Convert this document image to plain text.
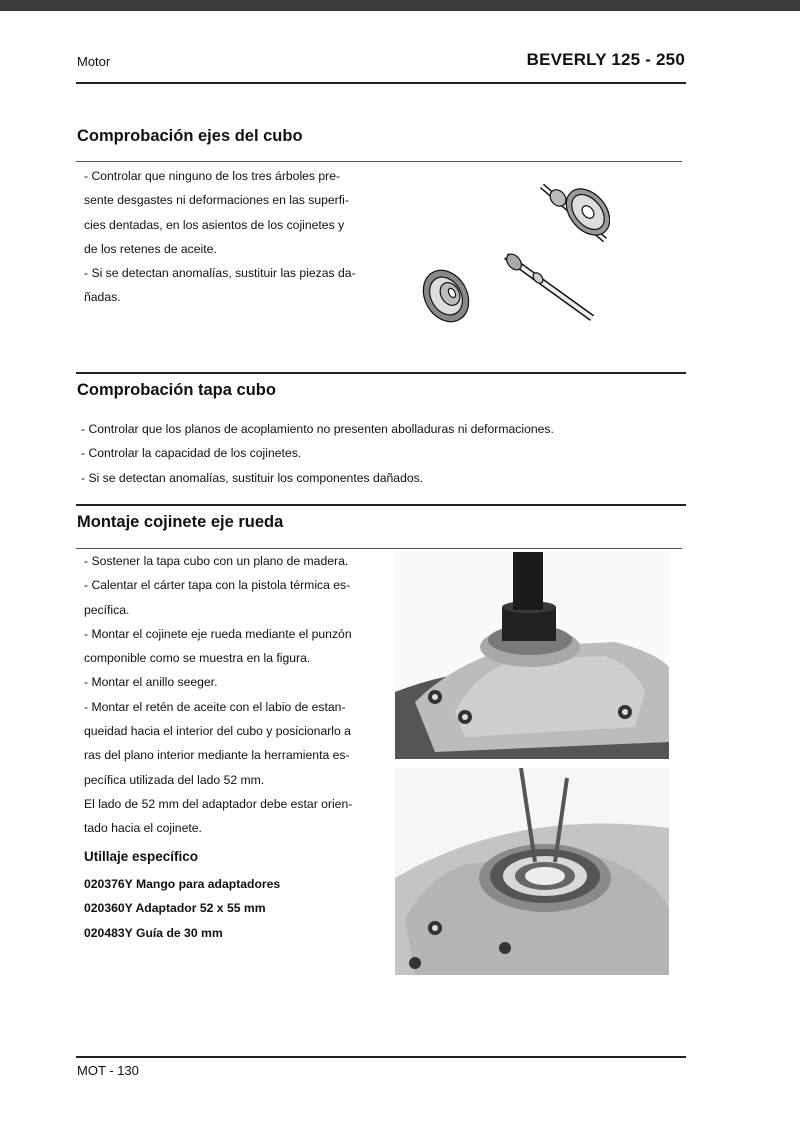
Motor	BEVERLY 125 - 250
Comprobación ejes del cubo
- Controlar que ninguno de los tres árboles pre-
sente desgastes ni deformaciones en las superfi-
cies dentadas, en los asientos de los cojinetes y
de los retenes de aceite.
- Si se detectan anomalías, sustituir las piezas da-
ñadas.
Comprobación tapa cubo
- Controlar que los planos de acoplamiento no presenten abolladuras ni deformaciones.
- Controlar la capacidad de los cojinetes.
- Si se detectan anomalías, sustituir los componentes dañados.
Montaje cojinete eje rueda
- Sostener la tapa cubo con un plano de madera.
- Calentar el cárter tapa con la pistola térmica es-
pecífica.
- Montar el cojinete eje rueda mediante el punzón
componible como se muestra en la figura.
- Montar el anillo seeger.
- Montar el retén de aceite con el labio de estan-
queidad hacia el interior del cubo y posicionarlo a
ras del plano interior mediante la herramienta es-
pecífica utilizada del lado 52 mm.
El lado de 52 mm del adaptador debe estar orien-
tado hacia el cojinete.
Utillaje específico
020376Y Mango para adaptadores
020360Y Adaptador 52 x 55 mm
020483Y Guía de 30 mm
MOT - 130
